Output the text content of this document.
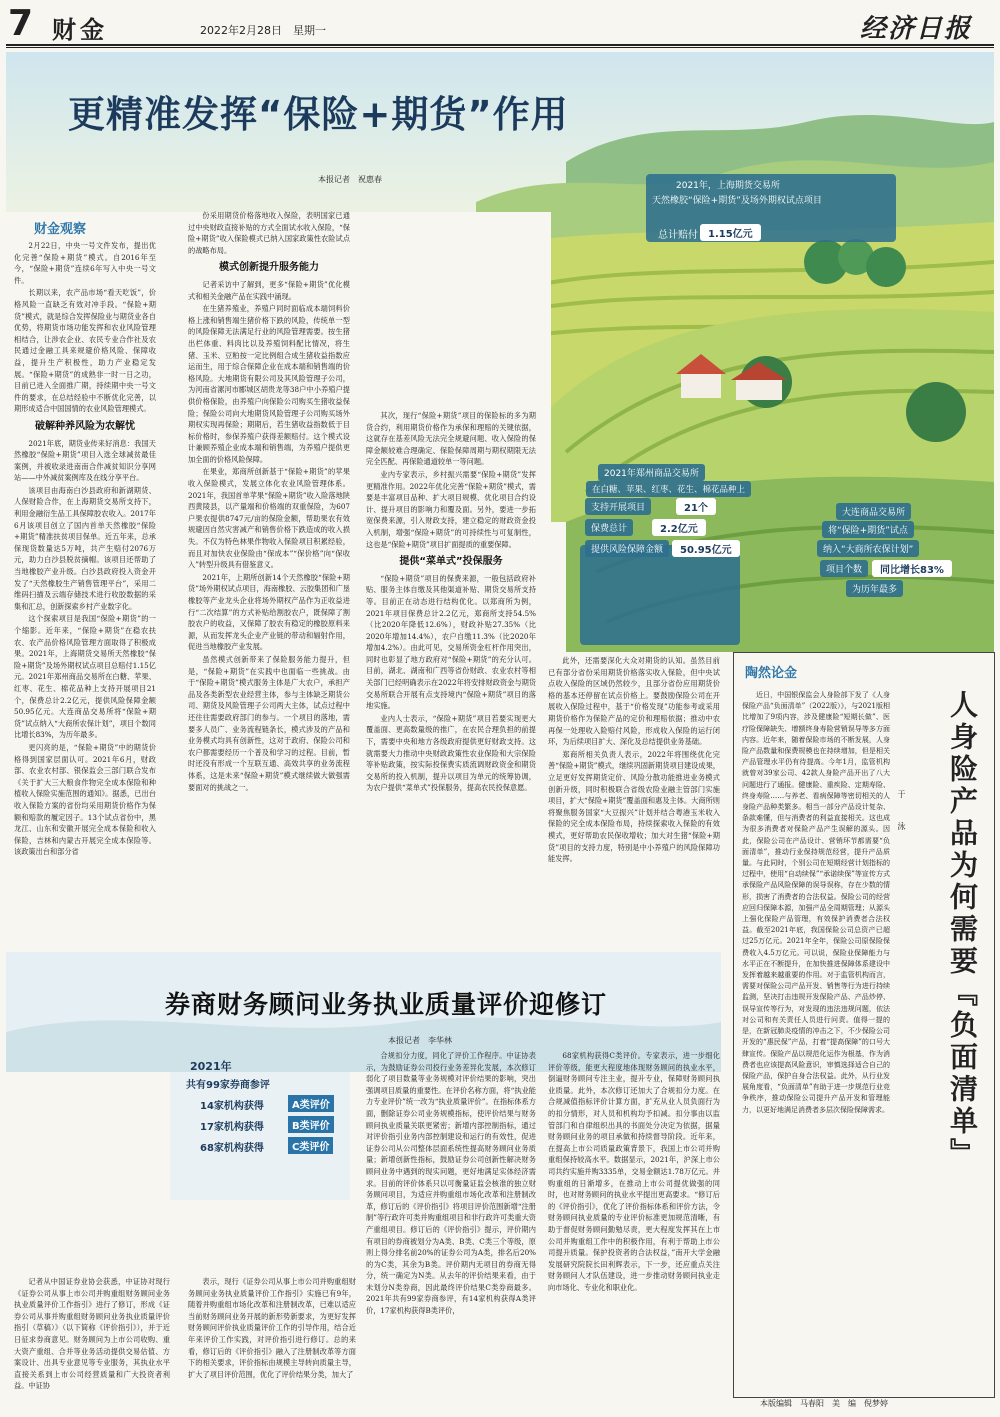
7 财金	2022年2月28日　星期一	经济日报
更精准发挥“保险+期货”作用
本报记者　祝惠春
2021年，上海期货交易所
天然橡胶“保险+期货”及场外期权试点项目
总计赔付	1.15亿元
2021年郑州商品交易所
在白糖、苹果、红枣、花生、棉花品种上
支持开展项目	21个
保费总计	2.2亿元
提供风险保障金额	50.95亿元
大连商品交易所
将“保险+期货”试点
纳入“大商所农保计划”
项目个数	同比增长83%
为历年最多
财金观察

2月22日，中央一号文件发布，提出优化完善“保险+期货”模式。自2016年至今，“保险+期货”连续6年写入中央一号文件。

长期以来，农产品市场“看天吃饭”，价格风险一直缺乏有效对冲手段。“保险+期货”模式，就是综合发挥保险业与期货业各自优势，将期货市场功能发挥和农业风险管理相结合，让涉农企业、农民专业合作社及农民通过金融工具来规避价格风险、保障收益，提升生产积极性，助力产业稳定发展。“保险+期货”的成熟非一时一日之功，目前已进入全面推广期，持续期中央一号文件的要求，在总结经验中不断优化完善，以期形成适合中国国情的农业风险管理模式。

破解种养风险为农解忧

2021年底，期货业传来好消息：我国天然橡胶“保险+期货”项目入选全球减贫最佳案例，并被收录进南南合作减贫知识分享网站——中外减贫案例库及在线分享平台。

该项目由海南白沙县政府和新湖期货、人保财险合作，在上海期货交易所支持下，利用金融衍生品工具保障胶农收入。2017年6月该项目创立了国内首单天然橡胶“保险+期货”精准扶贫项目保单。近五年来，总承保现货数量达5万吨，共产生赔付2076万元，助力白沙县脱贫摘帽。该项目还帮助了当地橡胶产业升级。白沙县政府投入资金开发了“天然橡胶生产销售管理平台”，采用二维码扫描及云端存储技术进行收胶数据的采集和汇总，创新探索乡村产业数字化。

这个探索项目是我国“保险+期货”的一个缩影。近年来，“保险+期货”在稳农扶农、农产品价格风险管理方面取得了积极成果。2021年，上海期货交易所天然橡胶“保险+期货”及场外期权试点项目总赔付1.15亿元。2021年郑州商品交易所在白糖、苹果、红枣、花生、棉花品种上支持开展项目21个，保费总计2.2亿元，提供风险保障金额50.95亿元。大连商品交易所将“保险+期货”试点纳入“大商所农保计划”，项目个数同比增长83%，为历年最多。

更闪亮的是，“保险+期货”中的期货价格得到国家层面认可。2021年6月，财政部、农业农村部、银保监会三部门联合发布《关于扩大三大粮食作物完全成本保险和种植收入保险实施范围的通知》。据悉，已出台收入保险方案的省份均采用期货价格作为保额和赔款的履定因子。13个试点省份中，黑龙江、山东和安徽开展完全成本保险和收入保险，吉林和内蒙古开展完全成本保险等。该政策出台和部分省

份采用期货价格落地收入保险，表明国家已通过中央财政直接补贴的方式全面试水收入保险，“保险+期货”收入保险模式已纳入国家政策性农险试点的战略布局。

模式创新提升服务能力

记者采访中了解到，更多“保险+期货”优化模式和相关金融产品在实践中涌现。

在生猪养殖业，养殖户同时面临成本端饲料价格上涨和销售端生猪价格下跌的风险，传统单一型的风险保障无法满足行业的风险管理需要。按生猪出栏体重、料肉比以及养殖饲料配比情况，将生猪、玉米、豆粕按一定比例组合成生猪收益指数应运而生，用于综合保障企业在成本端和销售端的价格风险。大地期货有限公司及其风险管理子公司，为河南省漯河市郾城区胡贵龙等38户中小养殖户提供价格保险，由养殖户向保险公司购买生猪收益保险；保险公司向大地期货风险管理子公司购买场外期权实现再保险；期期后，若生猪收益指数低于目标价格时，参保养殖户获得差额赔付。这个模式设计兼顾养殖企业成本端和销售端，为养殖户提供更加全面的价格风险保障。

在果业，郑商所创新基于“保险+期货”的苹果收入保险模式，发展立体化农业风险管理体系。2021年，我国首单苹果“保险+期货”收入险落地陕西黄陵县，以产量端和价格端的双重保险，为607户果农提供8747元/亩的保险金额，帮助果农有效规避因自然灾害减产和销售价格下跌造成的收入损失。不仅为特色林果作物收入保险项目积累经验，而且对加快农业保险由“保成本”“保价格”向“保收入”转型升级具有借鉴意义。

2021年，上期所创新14个天然橡胶“保险+期货”场外期权试点项目，海南橡胶、云胶集团和广垦橡胶等产业龙头企业将场外期权产品作为正收益进行“二次结算”的方式补贴给割胶农户，既保障了割胶农户的收益，又保障了胶农有稳定的橡胶原料来源，从而发挥龙头企业产业链的带动和辐射作用，促进当地橡胶产业发展。

虽然模式创新带来了保险服务能力提升，但是，“保险+期货”在实践中也面临一些挑战。由于“保险+期货”模式服务主体是广大农户，承担产品及各类新型农业经营主体，参与主体缺乏期货公司、期货及风险管理子公司两大主体，试点过程中还往往需要政府部门的参与。一个项目的落地，需要多人员广、业务流程链条长，模式涉及的产品和业务模式均具有创新性，这对于政府、保险公司和农户都需要经历一个普及和学习的过程。目前，暂时还没有形成一个互联互通、高效共享的业务流程体系，这是未来“保险+期货”模式继续做大做强需要面对的挑战之一。

其次，现行“保险+期货”项目的保险标的多为期货合约，利用期货价格作为承保和理赔的关键依据，这就存在基差风险无法完全规避问题、收入保险的保障金额较难合理确定、保险保障周期与期权期限无法完全匹配、再保险通道较单一等问题。

业内专家表示，乡村振兴需要“保险+期货”发挥更精准作用。2022年优化完善“保险+期货”模式，需要是丰富项目品种、扩大项目规模、优化项目合约设计、提升项目的影响力和覆及面。另外，要进一步拓宽保费来源，引入财政支持，建立稳定的财政资金投入机制，增强“保险+期货”的可持续性与可复制性，这也是“保险+期货”项目扩面提质的重要保障。

提供“菜单式”投保服务

“保险+期货”项目的保费来源，一般包括政府补贴、服务主体自缴及其他渠道补贴、期货交易所支持等。目前正在动态进行结构优化。以郑商所为例，2021年项目保费总计2.2亿元，郑商所支持54.5%（比2020年降低12.6%），财政补贴27.35%（比2020年增加14.4%），农户自缴11.3%（比2020年增加4.2%）。由此可见，交易所资金杠杆作用突出，同时也彰显了地方政府对“保险+期货”的充分认可。目前，湖北、湖南和广西等省份财政、农业农村等相关部门已经明确表示在2022年将安排财政资金与期货交易所联合开展有点支持境内“保险+期货”项目的落地实施。

业内人士表示，“保险+期货”项目若要实现更大覆盖面、更高数量级的推广，在农民合理负担的前提下，需要中央和地方各级政府提供更好财政支持。这就需要大力推动中央财政政策性农业保险和大宗保险等补贴政策，按实际投保费实质流调财政资金和期货交易所的投入机制，提升以项目为单元的统筹协调，为农户提供“菜单式”投保服务，提高农民投保意愿。

此外，还需要深化大众对期货的认知。虽然目前已有部分省份采用期货价格落实收入保险，但中央试点收入保险的区域仍然较少，且部分省份应用期货价格的基本还停留在试点价格上。要鼓励保险公司在开展收入保险过程中，基于“价格发现”功能参考或采用期货价格作为保险产品的定价和理赔依据；推动中农再保一处理收入险赔付风险，形成收入保险的运行闭环，为后续项目扩大、深化及总结提供业务基础。

郑商所相关负责人表示，2022年将围绕优化完善“保险+期货”模式，继续巩固新期货项目建设成果，立足更好发挥期货定价、风险分散功能推进业务模式创新升级，同时积极联合省级农险业融主管部门实施项目，扩大“保险+期货”覆盖面和惠及主体。大商所则将聚焦服务国家“大豆振兴”计划并结合粤港玉米收入保险的完全成本保险布局，持续探索收入保险的有效模式，更好帮助农民保收增收；加大对生猪“保险+期货”项目的支持力度，特别是中小养殖户的风险保障功能发挥。

券商财务顾问业务执业质量评价迎修订
本报记者　李华林
2021年
共有99家券商参评
14家机构获得	A类评价
17家机构获得	B类评价
68家机构获得	C类评价

记者从中国证券业协会获悉，中证协对现行《证券公司从事上市公司并购重组财务顾问业务执业质量评价工作指引》进行了修订，形成《证券公司从事并购重组财务顾问业务执业质量评价指引（草稿）》（以下简称《评价指引》），并于近日征求券商意见。财务顾问为上市公司收购、重大资产重组、合并等业务活动提供交易估值、方案设计、出具专业意见等专业服务，其执业水平直接关系到上市公司经营质量和广大投资者利益。中证协

表示，现行《证券公司从事上市公司并购重组财务顾问业务执业质量评价工作指引》实施已有9年，随着并购重组市场化改革和注册制改革，已难以适应当前财务顾问业务开展的新形势新要求，为更好发挥财务顾问评价执业质量评价工作的引导作用，结合近年来评价工作实践，对评价指引进行修订。总的来看，修订后的《评价指引》融入了注册制改革等方面下的相关要求，评价指标由规模主导转向质量主导，扩大了项目评价范围，优化了评价结果分类，加大了

合规扣分力度，同化了评价工作程序。中证协表示，为鼓励证券公司投行业务差异化发展，本次修订弱化了项目数量等业务规模对评价结果的影响，突出强调项目质量的重要性。在评价名称方面，将“执业能力专业评价”统一改为“执业质量评价”。在指标体系方面，删除证券公司业务规模指标，使评价结果与财务顾问执业质量关联更紧密；新增内部控制指标，通过对评价指引业务内部控制建设和运行的有效性，促进证券公司从公司整体层面系统性提高财务顾问业务质量；新增创新性指标，鼓励证券公司创新性解决财务顾问业务中遇到的现实问题，更好地满足实体经济需求。目前的评价体系只以可衡量证监会核准的独立财务顾问项目，为适应并购重组市场化改革和注册制改革，修订后的《评价指引》将项目评价范围新增“注册制”等行政许可类并购重组项目和非行政许可类重大资产重组项目。修订后的《评价指引》提示，评价期内有项目的券商被划分为A类、B类、C类三个等级，原则上得分排名前20%的证券公司为A类，排名后20%的为C类，其余为B类。评价期内无项目的券商无得分，统一确定为N类。从去年的评价结果来看，由于未划分N类券商，因此最终评价结果C类券商最多。2021年共有99家券商参评，有14家机构获得A类评价，17家机构获得B类评价，

68家机构获得C类评价。专家表示，进一步细化评价等级，能更大程度地体现财务顾问的执业水平，倒逼财务顾问专注主业，提升专业，保障财务顾问执业质量。此外，本次修订还加大了合规扣分力度。在合规减值指标评价计算方面，扩充从业人员负面行为的扣分情形，对人员和机构均予扣减。扣分事由以监管部门和自律组织出具的书面处分决定为依据，据量财务顾问业务的项目承做和持续督导阶段。近年来，在提高上市公司质量政策背景下，我国上市公司并购重组保持较高水平。数据显示，2021年，沪深上市公司共约实施并购3335单，交易金额达1.78万亿元。并购重组的日渐增多，在推动上市公司提优做强的同时，也对财务顾问的执业水平提出更高要求。“修订后的《评价指引》，优化了评价指标体系和评价方法，令财务顾问执业质量的专业评价标准更加规范清晰，有助于督促财务顾问勤勉尽责，更大程度发挥其在上市公司并购重组工作中的积极作用，有利于帮助上市公司提升质量。保护投资者的合法权益，”南开大学金融发展研究院院长田利辉表示，下一步，还应重点关注财务顾问人才队伍建设，进一步推动财务顾问执业走向市场化、专业化和职业化。

陶然论金
人身险产品为何需要『负面清单』
于　泳

近日，中国银保监会人身险部下发了《人身保险产品“负面清单”（2022版）》，与2021版相比增加了9项内容，涉及健康险“短期长做”、医疗险保障缺失、增额终身寿险营销误导等多方面内容。近年来，随着保险市场的不断发展，人身险产品数量和保费规模也在持续增加，但是相关产品管理水平仍有待提高。今年1月，监管机构就曾对39家公司、42款人身险产品开出了八大问题进行了通报。健康险、重疾险、定期寿险、终身寿险……与养老、看病保障等密切相关的人身险产品种类繁多。相当一部分产品设计复杂、条款难懂，但与消费者的利益直接相关。这也成为很多消费者对保险产品产生误解的源头。因此，保险公司在产品设计、营销环节都需要“负面清单”，推动行业保持规范经营，提升产品质量。与此同时，个别公司在短期经营计划指标的过程中，使用“自动续保”“承诺续保”等宣传方式承保险产品风险保障的误导误称，存在少数的情形，损害了消费者的合法权益。保险公司的经营应回归保障本源，加强产品全周期管理；从源头上强化保险产品管理，有效保护消费者合法权益。截至2021年底，我国保险公司总资产已超过25万亿元。2021年全年，保险公司原保险保费收入4.5万亿元。可以说，保险业保障能力与水平正在不断提升，在加快推进保障体系建设中发挥着越来越重要的作用。对于监管机构而言，需要对保险公司产品开发、销售等行为进行持续监测，坚决打击违规开发保险产品、产品炒停、误导宣传等行为，对发现的违法违规问题，依法对公司和有关责任人员进行问责。值得一提的是，在新冠肺炎疫情的冲击之下，不少保险公司开发的“惠民保”产品，打着“提高保障”的口号大肆宣传。保险产品以规范化运作为根基，作为消费者也应该提高风险意识，审慎选择适合自己的保险产品，保护自身合法权益。此外，从行业发展角度看，“负面清单”有助于进一步规范行业竞争秩序，推动保险公司提升产品开发和管理能力，以更好地满足消费者多层次保险保障需求。

本版编辑　马春阳　美　编　倪梦婷
